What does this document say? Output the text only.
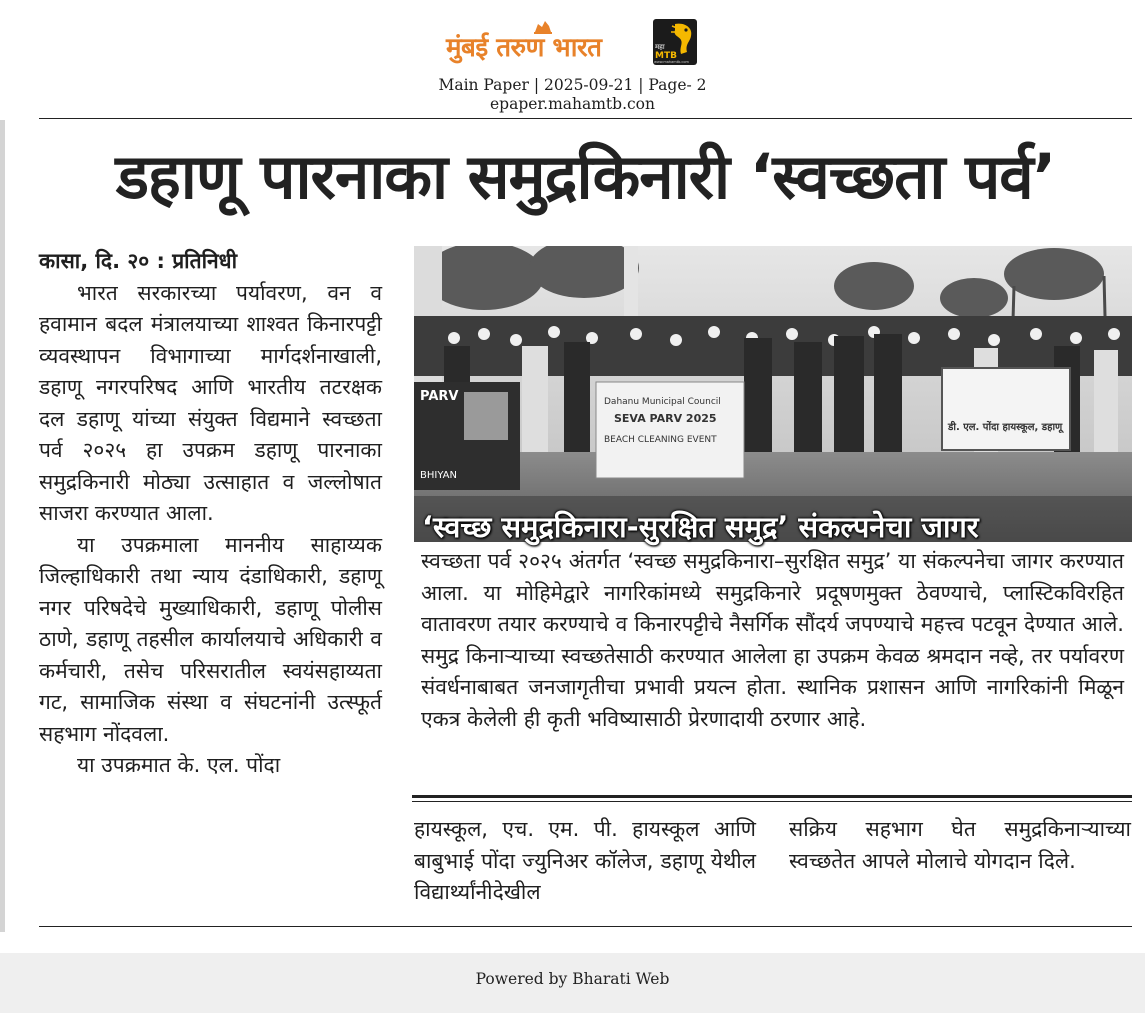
मुंबई तरुण भारत	महा
MTB
www.mahamtb.com
Main Paper | 2025-09-21 | Page- 2
epaper.mahamtb.con
डहाणू पारनाका समुद्रकिनारी ‘स्वच्छता पर्व’

कासा, दि. २० : प्रतिनिधी

भारत सरकारच्या पर्यावरण, वन व हवामान बदल मंत्रालयाच्या शाश्वत किनारपट्टी व्यवस्थापन विभागाच्या मार्गदर्शनाखाली, डहाणू नगरपरिषद आणि भारतीय तटरक्षक दल डहाणू यांच्या संयुक्त विद्यमाने स्वच्छता पर्व २०२५ हा उपक्रम डहाणू पारनाका समुद्रकिनारी मोठ्या उत्साहात व जल्लोषात साजरा करण्यात आला.

या उपक्रमाला माननीय साहाय्यक जिल्हाधिकारी तथा न्याय दंडाधिकारी, डहाणू नगर परिषदेचे मुख्याधिकारी, डहाणू पोलीस ठाणे, डहाणू तहसील कार्यालयाचे अधिकारी व कर्मचारी, तसेच परिसरातील स्वयंसहाय्यता गट, सामाजिक संस्था व संघटनांनी उत्स्फूर्त सहभाग नोंदवला.

या उपक्रमात के. एल. पोंदा

PARV
BHIYAN
Dahanu Municipal Council
SEVA PARV 2025
BEACH CLEANING EVENT
डी. एल. पोंदा हायस्कूल, डहाणू
‘स्वच्छ समुद्रकिनारा-सुरक्षित समुद्र’ संकल्पनेचा जागर
स्वच्छता पर्व २०२५ अंतर्गत ‘स्वच्छ समुद्रकिनारा–सुरक्षित समुद्र’ या संकल्पनेचा जागर करण्यात आला. या मोहिमेद्वारे नागरिकांमध्ये समुद्रकिनारे प्रदूषणमुक्त ठेवण्याचे, प्लास्टिकविरहित वातावरण तयार करण्याचे व किनारपट्टीचे नैसर्गिक सौंदर्य जपण्याचे महत्त्व पटवून देण्यात आले. समुद्र किनाऱ्याच्या स्वच्छतेसाठी करण्यात आलेला हा उपक्रम केवळ श्रमदान नव्हे, तर पर्यावरण संवर्धनाबाबत जनजागृतीचा प्रभावी प्रयत्न होता. स्थानिक प्रशासन आणि नागरिकांनी मिळून एकत्र केलेली ही कृती भविष्यासाठी प्रेरणादायी ठरणार आहे.

हायस्कूल, एच. एम. पी. हायस्कूल आणि बाबुभाई पोंदा ज्युनिअर कॉलेज, डहाणू येथील विद्यार्थ्यांनीदेखील

सक्रिय सहभाग घेत समुद्रकिनाऱ्याच्या स्वच्छतेत आपले मोलाचे योगदान दिले.

Powered by Bharati Web
